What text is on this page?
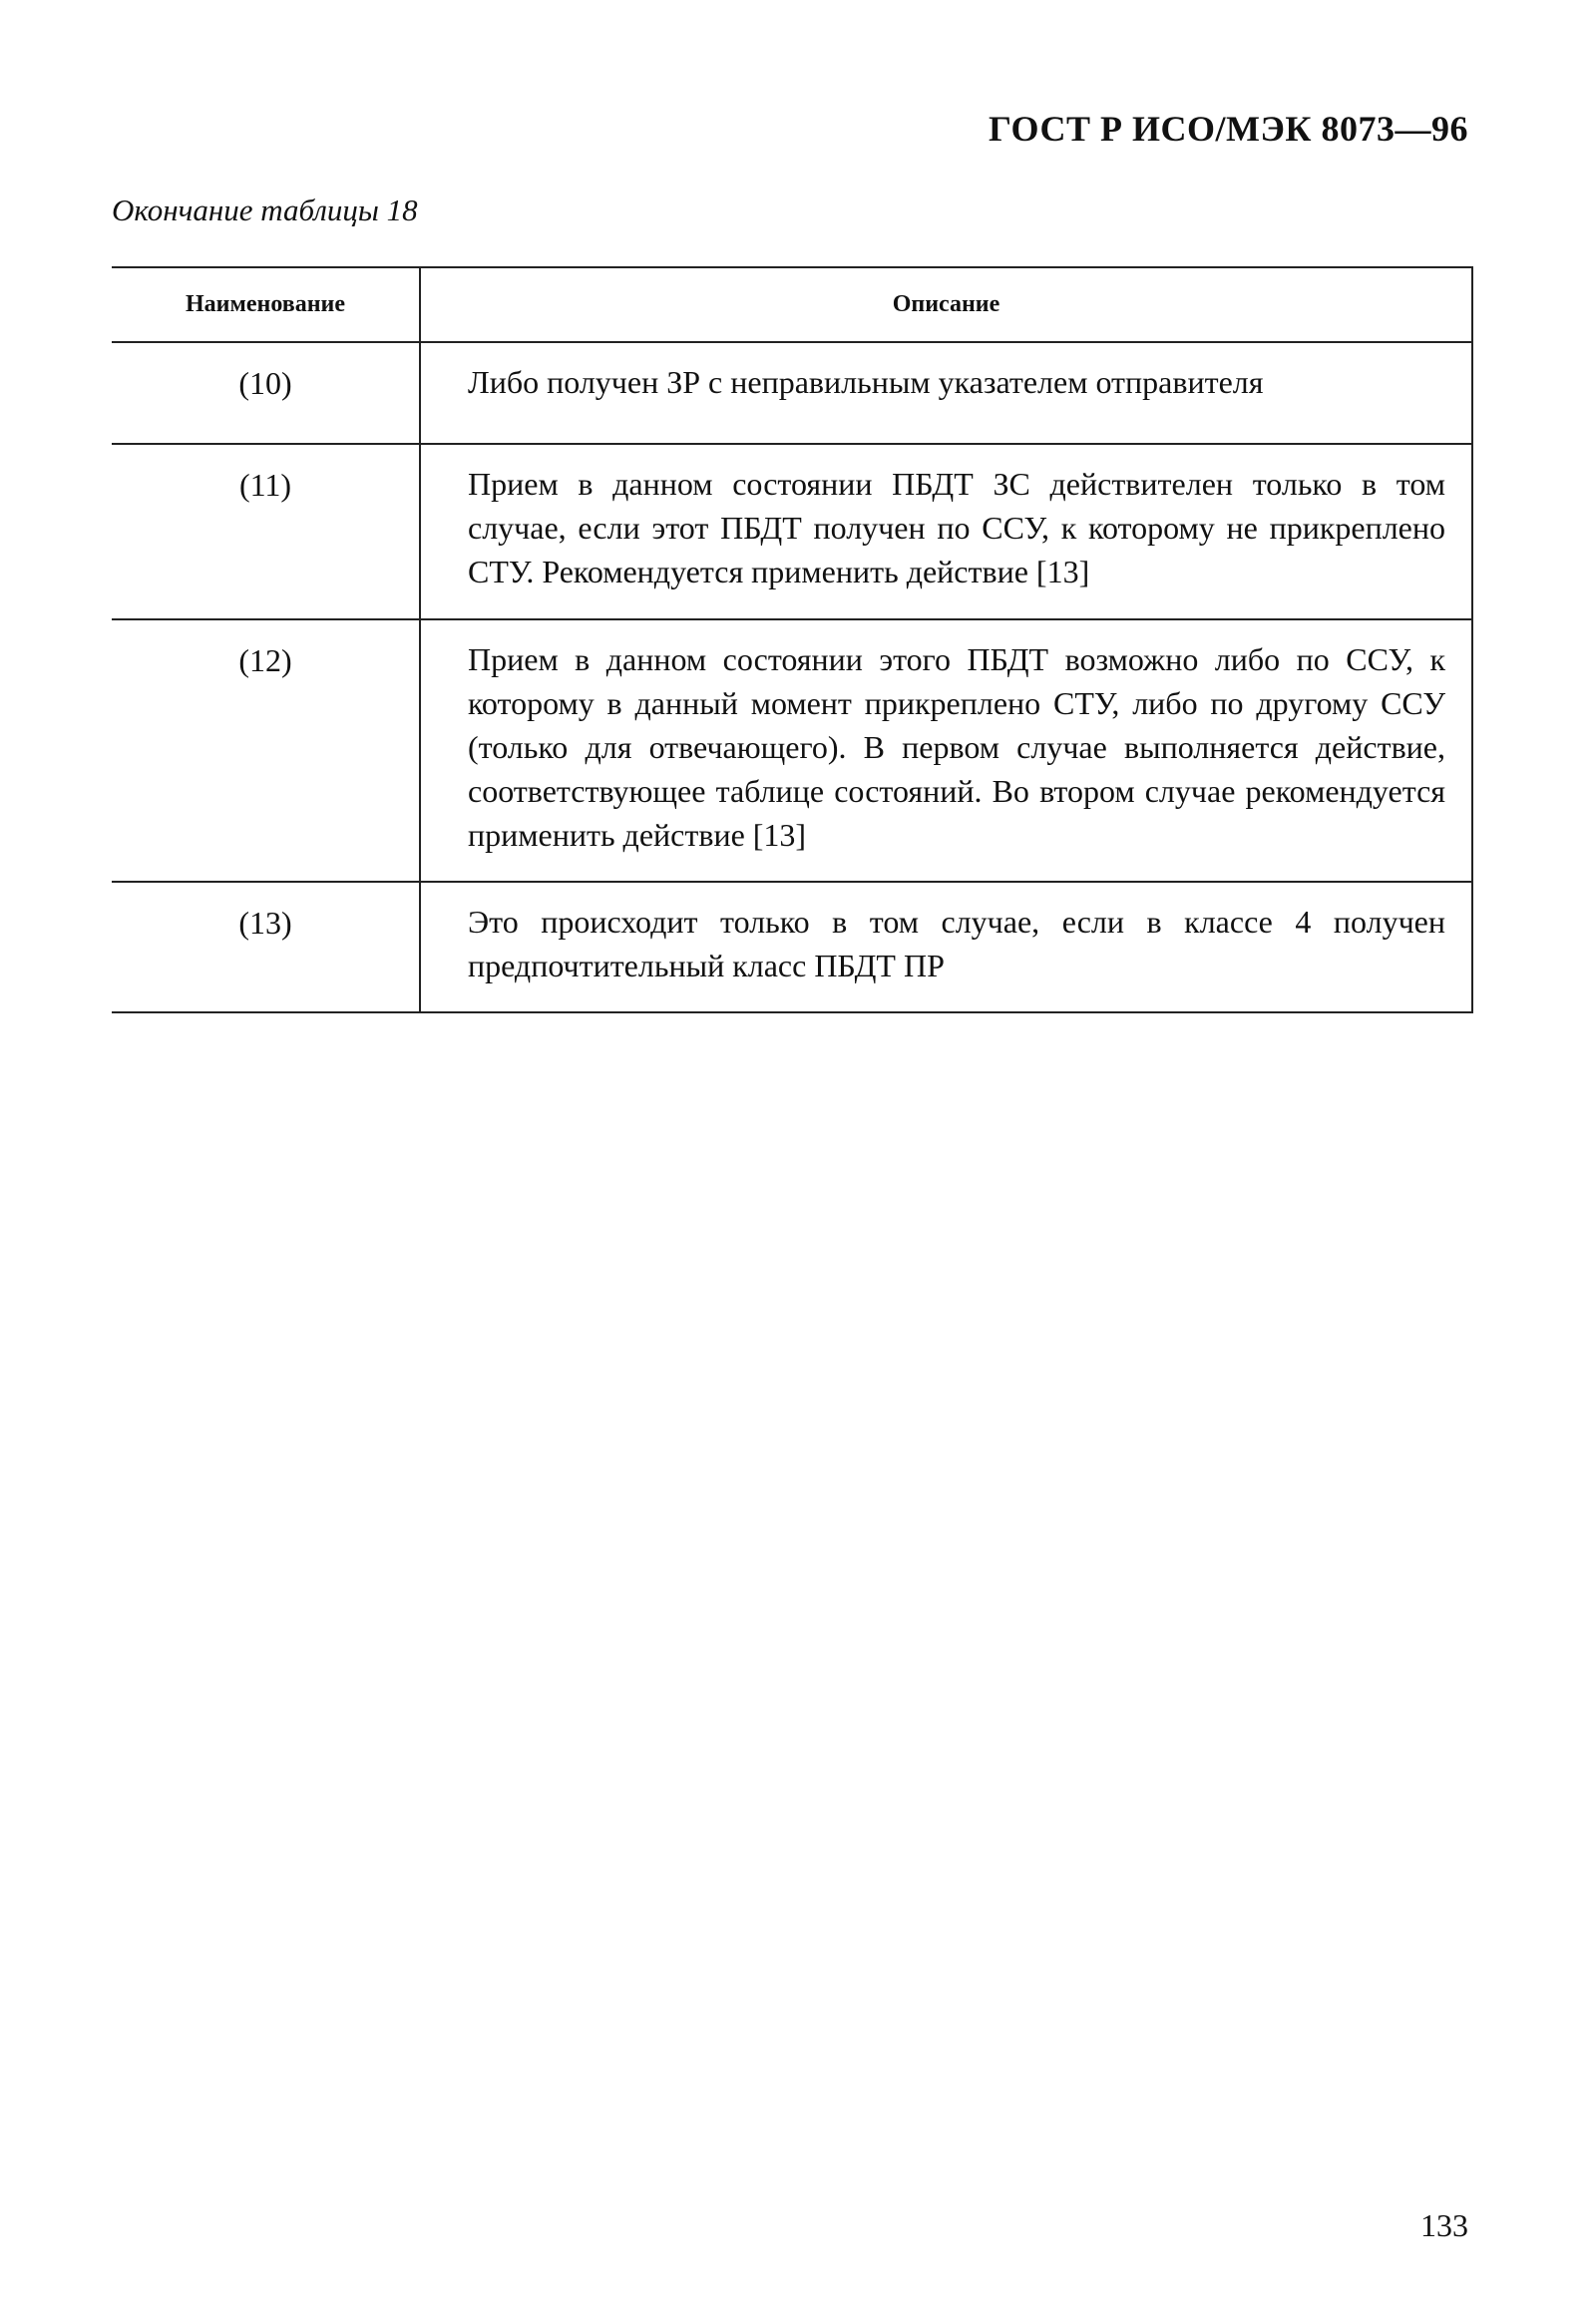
ГОСТ Р ИСО/МЭК 8073—96
Окончание таблицы 18
Наименование	Описание
(10)	Либо получен ЗР с неправильным указателем отправителя
(11)	Прием в данном состоянии ПБДТ ЗС действителен только в том случае, если этот ПБДТ получен по ССУ, к которому не прикреплено СТУ. Рекомендуется применить действие [13]
(12)	Прием в данном состоянии этого ПБДТ возможно либо по ССУ, к которому в данный момент прикреплено СТУ, либо по другому ССУ (только для отвечающего). В первом случае выполняется действие, соответствующее таблице состояний. Во втором случае рекомендуется применить действие [13]
(13)	Это происходит только в том случае, если в классе 4 получен предпочтительный класс ПБДТ ПР
133
